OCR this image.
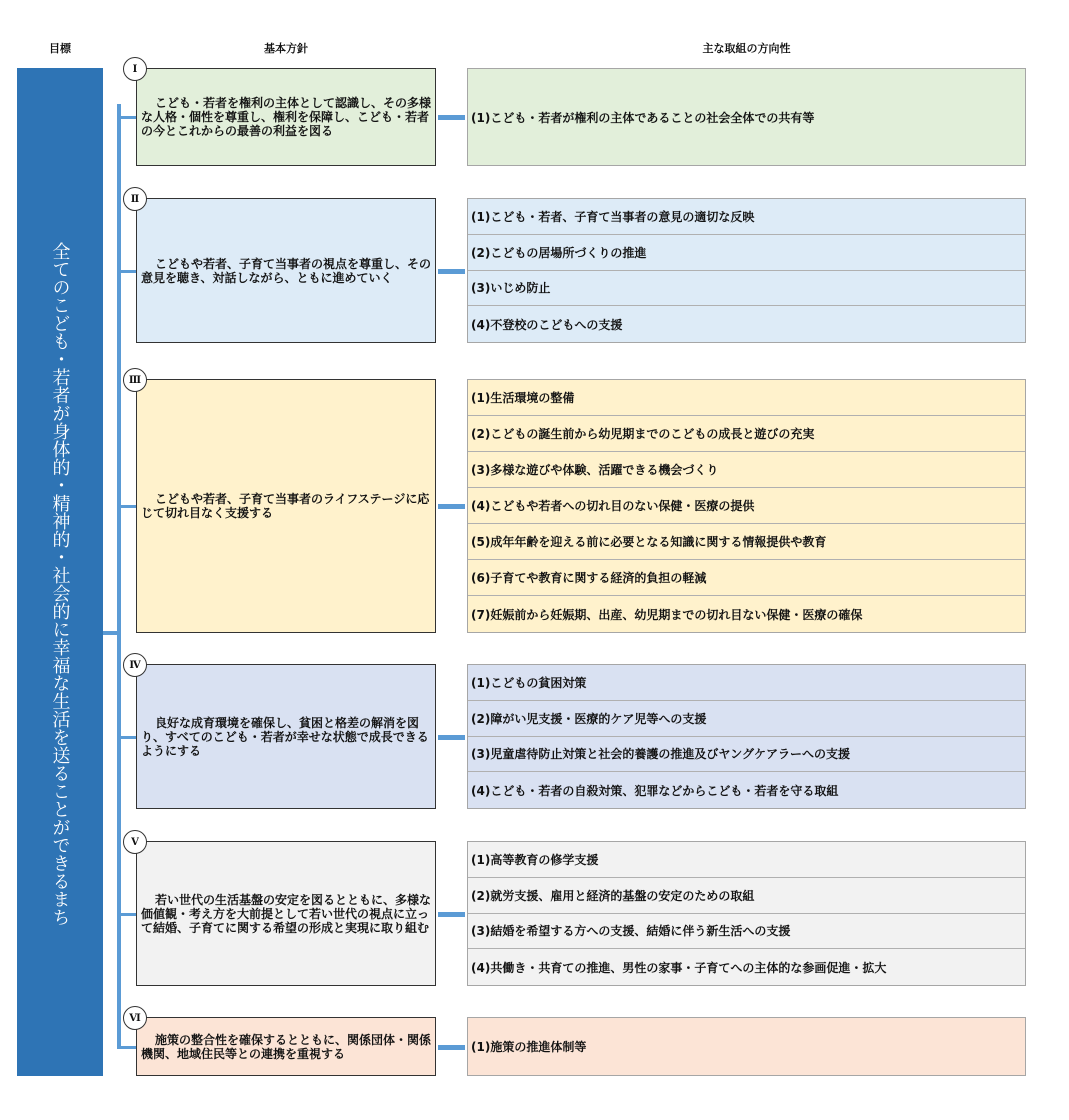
目標	基本方針	主な取組の方向性
全てのこども・若者が身体的・精神的・社会的に幸福な生活を送ることができるまち
こども・若者を権利の主体として認識し、その多様な人格・個性を尊重し、権利を保障し、こども・若者の今とこれからの最善の利益を図る
Ⅰ
(1)こども・若者が権利の主体であることの社会全体での共有等
こどもや若者、子育て当事者の視点を尊重し、その意見を聴き、対話しながら、ともに進めていく
Ⅱ
(1)こども・若者、子育て当事者の意見の適切な反映
(2)こどもの居場所づくりの推進
(3)いじめ防止
(4)不登校のこどもへの支援
こどもや若者、子育て当事者のライフステージに応じて切れ目なく支援する
Ⅲ
(1)生活環境の整備
(2)こどもの誕生前から幼児期までのこどもの成長と遊びの充実
(3)多様な遊びや体験、活躍できる機会づくり
(4)こどもや若者への切れ目のない保健・医療の提供
(5)成年年齢を迎える前に必要となる知識に関する情報提供や教育
(6)子育てや教育に関する経済的負担の軽減
(7)妊娠前から妊娠期、出産、幼児期までの切れ目ない保健・医療の確保
良好な成育環境を確保し、貧困と格差の解消を図り、すべてのこども・若者が幸せな状態で成長できるようにする
Ⅳ
(1)こどもの貧困対策
(2)障がい児支援・医療的ケア児等への支援
(3)児童虐待防止対策と社会的養護の推進及びヤングケアラーへの支援
(4)こども・若者の自殺対策、犯罪などからこども・若者を守る取組
若い世代の生活基盤の安定を図るとともに、多様な価値観・考え方を大前提として若い世代の視点に立って結婚、子育てに関する希望の形成と実現に取り組む
Ⅴ
(1)高等教育の修学支援
(2)就労支援、雇用と経済的基盤の安定のための取組
(3)結婚を希望する方への支援、結婚に伴う新生活への支援
(4)共働き・共育ての推進、男性の家事・子育てへの主体的な参画促進・拡大
施策の整合性を確保するとともに、関係団体・関係機関、地域住民等との連携を重視する
Ⅵ
(1)施策の推進体制等
